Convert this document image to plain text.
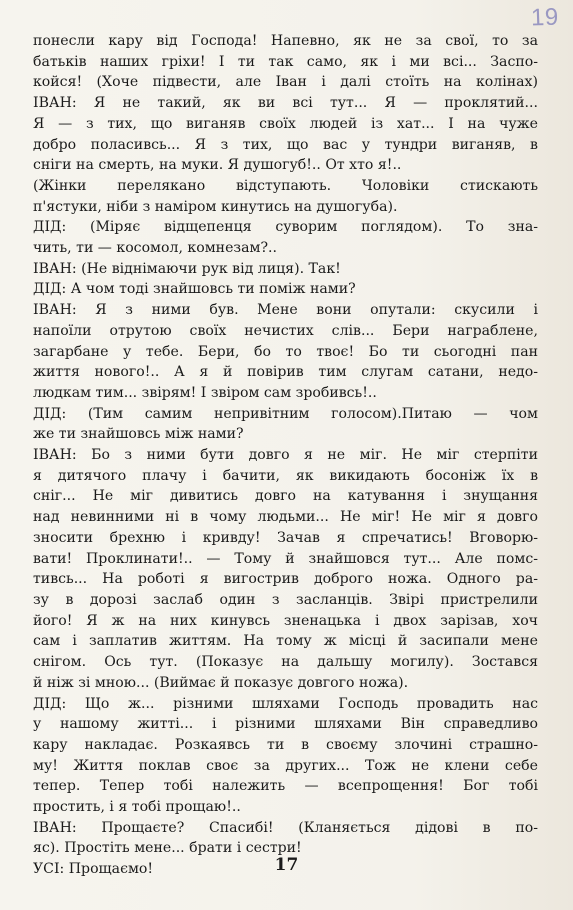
19
понесли кару від Господа! Напевно, як не за свої, то за
батьків наших гріхи! І ти так само, як і ми всі... Заспо-
койся! (Хоче підвести, але Іван і далі стоїть на колінах)
ІВАН: Я не такий, як ви всі тут... Я — проклятий...
Я — з тих, що виганяв своїх людей із хат... І на чуже
добро поласивсь... Я з тих, що вас у тундри виганяв, в
сніги на смерть, на муки. Я душогуб!.. От хто я!..
(Жінки перелякано відступають. Чоловіки стискають
п'ястуки, ніби з наміром кинутись на душогуба).
ДІД: (Міряє відщепенця суворим поглядом). То зна-
чить, ти — косомол, комнезам?..
ІВАН: (Не віднімаючи рук від лиця). Так!
ДІД: А чом тоді знайшовсь ти поміж нами?
ІВАН: Я з ними був. Мене вони опутали: скусили і
напоїли отрутою своїх нечистих слів... Бери награблене,
загарбане у тебе. Бери, бо то твоє! Бо ти сьогодні пан
життя нового!.. А я й повірив тим слугам сатани, недо-
людкам тим... звірям! І звіром сам зробивсь!..
ДІД: (Тим самим непривітним голосом).Питаю — чом
же ти знайшовсь між нами?
ІВАН: Бо з ними бути довго я не міг. Не міг стерпіти
я дитячого плачу і бачити, як викидають босоніж їх в
сніг... Не міг дивитись довго на катування і знущання
над невинними ні в чому людьми... Не міг! Не міг я довго
зносити брехню і кривду! Зачав я спречатись! Вговорю-
вати! Проклинати!.. — Тому й знайшовся тут... Але помс-
тивсь... На роботі я вигострив доброго ножа. Одного ра-
зу в дорозі заслаб один з засланців. Звірі пристрелили
його! Я ж на них кинувсь зненацька і двох зарізав, хоч
сам і заплатив життям. На тому ж місці й засипали мене
снігом. Ось тут. (Показує на дальшу могилу). Зостався
й ніж зі мною... (Виймає й показує довгого ножа).
ДІД: Що ж... різними шляхами Господь провадить нас
у нашому житті... і різними шляхами Він справедливо
кару накладає. Розкаявсь ти в своєму злочині страшно-
му! Життя поклав своє за других... Тож не клени себе
тепер. Тепер тобі належить — всепрощення! Бог тобі
простить, і я тобі прощаю!..
ІВАН: Прощаєте? Спасибі! (Кланяється дідові в по-
яс). Простіть мене... брати і сестри!
УСІ: Прощаємо!	17
